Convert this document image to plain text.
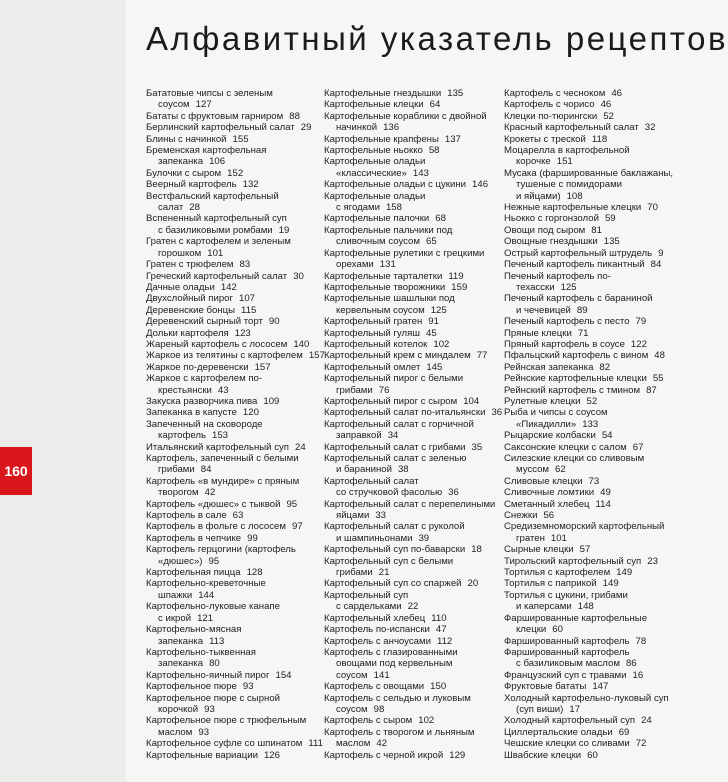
160
Алфавитный указатель рецептов
Бататовые чипсы с зеленым
соусом 127
Бататы с фруктовым гарниром 88
Берлинский картофельный салат 29
Блины с начинкой 155
Бременская картофельная
запеканка 106
Булочки с сыром 152
Веерный картофель 132
Вестфальский картофельный
салат 28
Вспененный картофельный суп
с базиликовыми ромбами 19
Гратен с картофелем и зеленым
горошком 101
Гратен с трюфелем 83
Греческий картофельный салат 30
Дачные оладьи 142
Двухслойный пирог 107
Деревенские бонцы 115
Деревенский сырный торт 90
Дольки картофеля 123
Жареный картофель с лососем 140
Жаркое из телятины с картофелем 157
Жаркое по-деревенски 157
Жаркое с картофелем по-
крестьянски 43
Закуска разворчика пива 109
Запеканка в капусте 120
Запеченный на сковороде
картофель 153
Итальянский картофельный суп 24
Картофель, запеченный с белыми
грибами 84
Картофель «в мундире» с пряным
творогом 42
Картофель «дюшес» с тыквой 95
Картофель в сале 63
Картофель в фольге с лососем 97
Картофель в чепчике 99
Картофель герцогини (картофель
«дюшес») 95
Картофельная пицца 128
Картофельно-креветочные
шпажки 144
Картофельно-луковые канапе
с икрой 121
Картофельно-мясная
запеканка 113
Картофельно-тыквенная
запеканка 80
Картофельно-яичный пирог 154
Картофельное пюре 93
Картофельное пюре с сырной
корочкой 93
Картофельное пюре с трюфельным
маслом 93
Картофельное суфле со шпинатом 111
Картофельные вариации 126
Картофельные гнездышки 135
Картофельные клецки 64
Картофельные кораблики с двойной
начинкой 136
Картофельные крапфены 137
Картофельные ньокко 58
Картофельные оладьи
«классические» 143
Картофельные оладьи с цукини 146
Картофельные оладьи
с ягодами 158
Картофельные палочки 68
Картофельные пальчики под
сливочным соусом 65
Картофельные рулетики с грецкими
орехами 131
Картофельные тарталетки 119
Картофельные творожники 159
Картофельные шашлыки под
кервельным соусом 125
Картофельный гратен 91
Картофельный гуляш 45
Картофельный котелок 102
Картофельный крем с миндалем 77
Картофельный омлет 145
Картофельный пирог с белыми
грибами 76
Картофельный пирог с сыром 104
Картофельный салат по-итальянски 36
Картофельный салат с горчичной
заправкой 34
Картофельный салат с грибами 35
Картофельный салат с зеленью
и бараниной 38
Картофельный салат
со стручковой фасолью 36
Картофельный салат с перепелиными
яйцами 33
Картофельный салат с руколой
и шампиньонами 39
Картофельный суп по-баварски 18
Картофельный суп с белыми
грибами 21
Картофельный суп со спаржей 20
Картофельный суп
с сардельками 22
Картофельный хлебец 110
Картофель по-испански 47
Картофель с анчоусами 112
Картофель с глазированными
овощами под кервельным
соусом 141
Картофель с овощами 150
Картофель с сельдью и луковым
соусом 98
Картофель с сыром 102
Картофель с творогом и льняным
маслом 42
Картофель с черной икрой 129
Картофель с чесноком 46
Картофель с чорисо 46
Клецки по-тюрингски 52
Красный картофельный салат 32
Крокеты с треской 118
Моцарелла в картофельной
корочке 151
Мусака (фаршированные баклажаны,
тушеные с помидорами
и яйцами) 108
Нежные картофельные клецки 70
Ньокко с горгонзолой 59
Овощи под сыром 81
Овощные гнездышки 135
Острый картофельный штрудель 9
Печеный картофель пикантный 84
Печеный картофель по-
техасски 125
Печеный картофель с бараниной
и чечевицей 89
Печеный картофель с песто 79
Пряные клецки 71
Пряный картофель в соусе 122
Пфальцский картофель с вином 48
Рейнская запеканка 82
Рейнские картофельные клецки 55
Рейнский картофель с тмином 87
Рулетные клецки 52
Рыба и чипсы с соусом
«Пикадилли» 133
Рыцарские колбаски 54
Саксонские клецки с салом 67
Силезские клецки со сливовым
муссом 62
Сливовые клецки 73
Сливочные ломтики 49
Сметанный хлебец 114
Снежки 56
Средиземноморский картофельный
гратен 101
Сырные клецки 57
Тирольский картофельный суп 23
Тортилья с картофелем 149
Тортилья с паприкой 149
Тортилья с цукини, грибами
и каперсами 148
Фаршированные картофельные
клецки 60
Фаршированный картофель 78
Фаршированный картофель
с базиликовым маслом 86
Французский суп с травами 16
Фруктовые бататы 147
Холодный картофельно-луковый суп
(суп виши) 17
Холодный картофельный суп 24
Циллертальские оладьи 69
Чешские клецки со сливами 72
Швабские клецки 60
